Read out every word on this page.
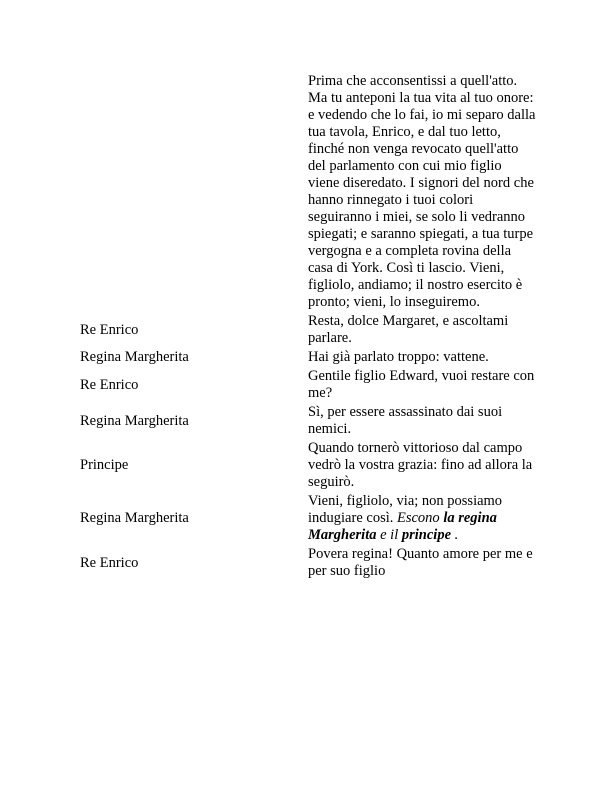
Prima che acconsentissi a quell'atto. Ma tu anteponi la tua vita al tuo onore: e vedendo che lo fai, io mi separo dalla tua tavola, Enrico, e dal tuo letto, finché non venga revocato quell'atto del parlamento con cui mio figlio viene diseredato. I signori del nord che hanno rinnegato i tuoi colori seguiranno i miei, se solo li vedranno spiegati; e saranno spiegati, a tua turpe vergogna e a completa rovina della casa di York. Così ti lascio. Vieni, figliolo, andiamo; il nostro esercito è pronto; vieni, lo inseguiremo.
Re Enrico
Resta, dolce Margaret, e ascoltami parlare.
Regina Margherita	Hai già parlato troppo: vattene.
Re Enrico
Gentile figlio Edward, vuoi restare con me?
Regina Margherita
Sì, per essere assassinato dai suoi nemici.
Principe
Quando tornerò vittorioso dal campo vedrò la vostra grazia: fino ad allora la seguirò.
Regina Margherita
Vieni, figliolo, via; non possiamo indugiare così. Escono la regina Margherita e il principe .
Re Enrico
Povera regina! Quanto amore per me e per suo figlio
